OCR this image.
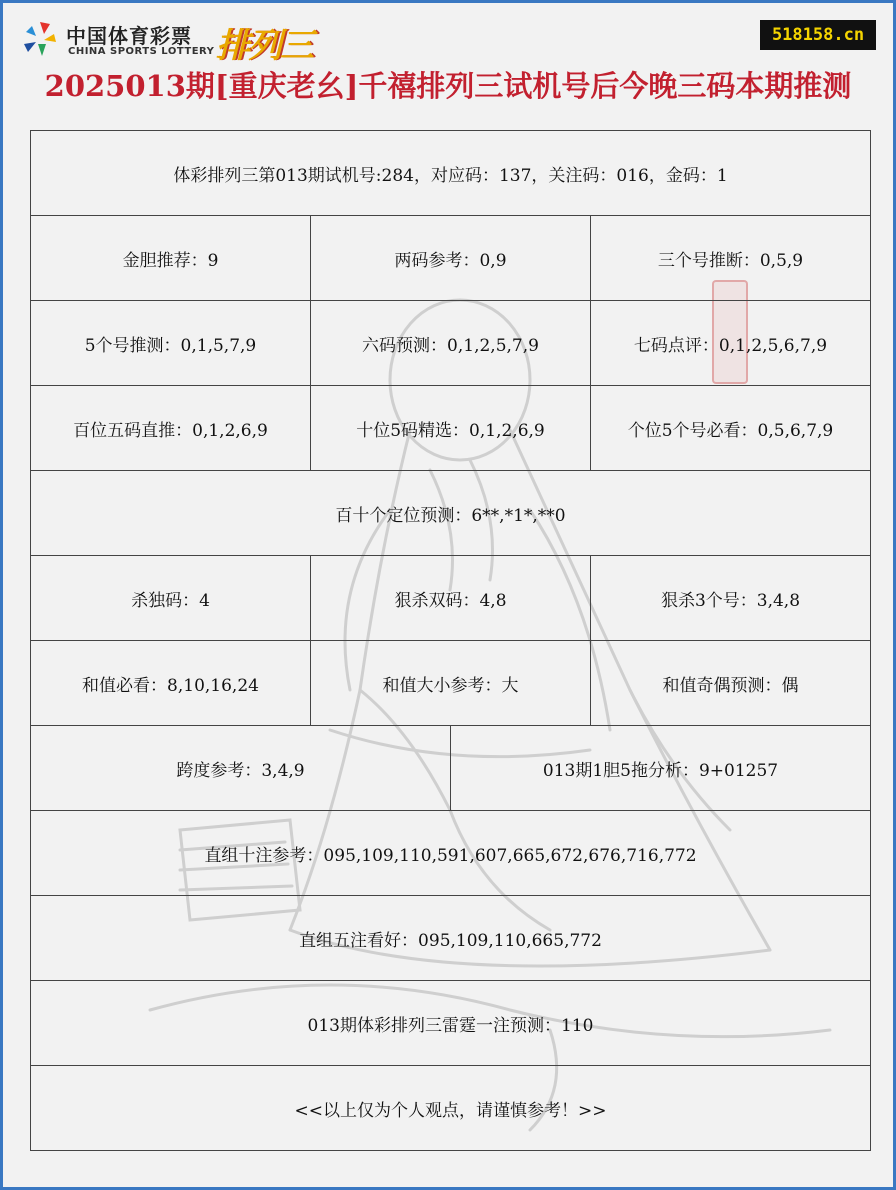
中国体育彩票
CHINA SPORTS LOTTERY 排列三	518158.cn
2025013期[重庆老幺]千禧排列三试机号后今晚三码本期推测
体彩排列三第013期试机号:284，对应码：137，关注码：016，金码：1
金胆推荐：9	两码参考：0,9	三个号推断：0,5,9
5个号推测：0,1,5,7,9	六码预测：0,1,2,5,7,9	七码点评：0,1,2,5,6,7,9
百位五码直推：0,1,2,6,9	十位5码精选：0,1,2,6,9	个位5个号必看：0,5,6,7,9
百十个定位预测：6**,*1*,**0
杀独码：4	狠杀双码：4,8	狠杀3个号：3,4,8
和值必看：8,10,16,24	和值大小参考：大	和值奇偶预测：偶
跨度参考：3,4,9	013期1胆5拖分析：9+01257
直组十注参考：095,109,110,591,607,665,672,676,716,772
直组五注看好：095,109,110,665,772
013期体彩排列三雷霆一注预测：110
<<以上仅为个人观点，请谨慎参考！>>
